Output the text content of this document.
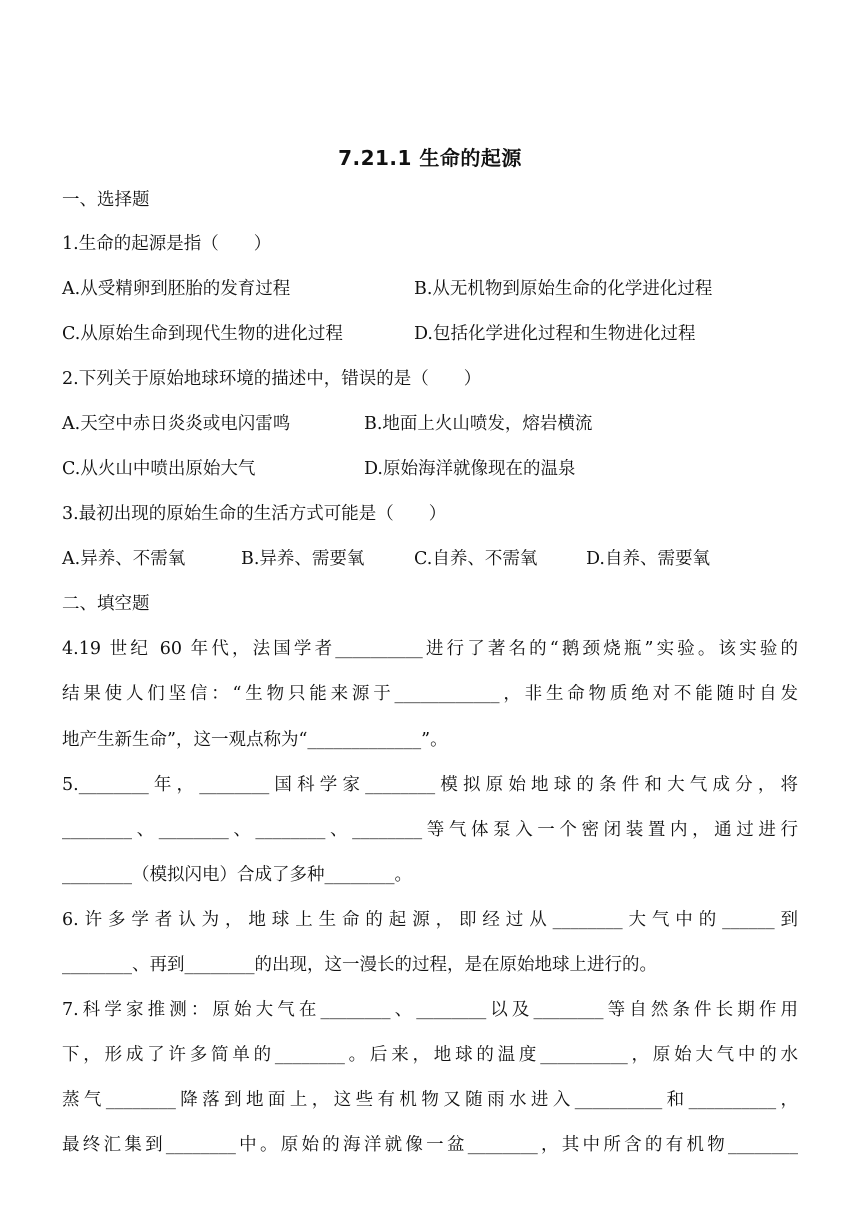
7.21.1 生命的起源
一、选择题
1.生命的起源是指（　　）
A.从受精卵到胚胎的发育过程	B.从无机物到原始生命的化学进化过程
C.从原始生命到现代生物的进化过程	D.包括化学进化过程和生物进化过程
2.下列关于原始地球环境的描述中，错误的是（　　）
A.天空中赤日炎炎或电闪雷鸣	B.地面上火山喷发，熔岩横流
C.从火山中喷出原始大气	D.原始海洋就像现在的温泉
3.最初出现的原始生命的生活方式可能是（　　）
A.异养、不需氧	B.异养、需要氧	C.自养、不需氧	D.自养、需要氧
二、填空题
4.19 世纪 60 年代，法国学者__________进行了著名的“鹅颈烧瓶”实验。该实验的
结果使人们坚信：“生物只能来源于____________，非生命物质绝对不能随时自发
地产生新生命”，这一观点称为“_____________”。
5.________年，________国科学家________模拟原始地球的条件和大气成分，将
________、________、________、________等气体泵入一个密闭装置内，通过进行
________（模拟闪电）合成了多种________。
6.许多学者认为，地球上生命的起源，即经过从________大气中的______到
________、再到________的出现，这一漫长的过程，是在原始地球上进行的。
7.科学家推测：原始大气在________、________以及________等自然条件长期作用
下，形成了许多简单的________。后来，地球的温度__________，原始大气中的水
蒸气________降落到地面上，这些有机物又随雨水进入__________和__________，
最终汇集到________中。原始的海洋就像一盆________，其中所含的有机物________
